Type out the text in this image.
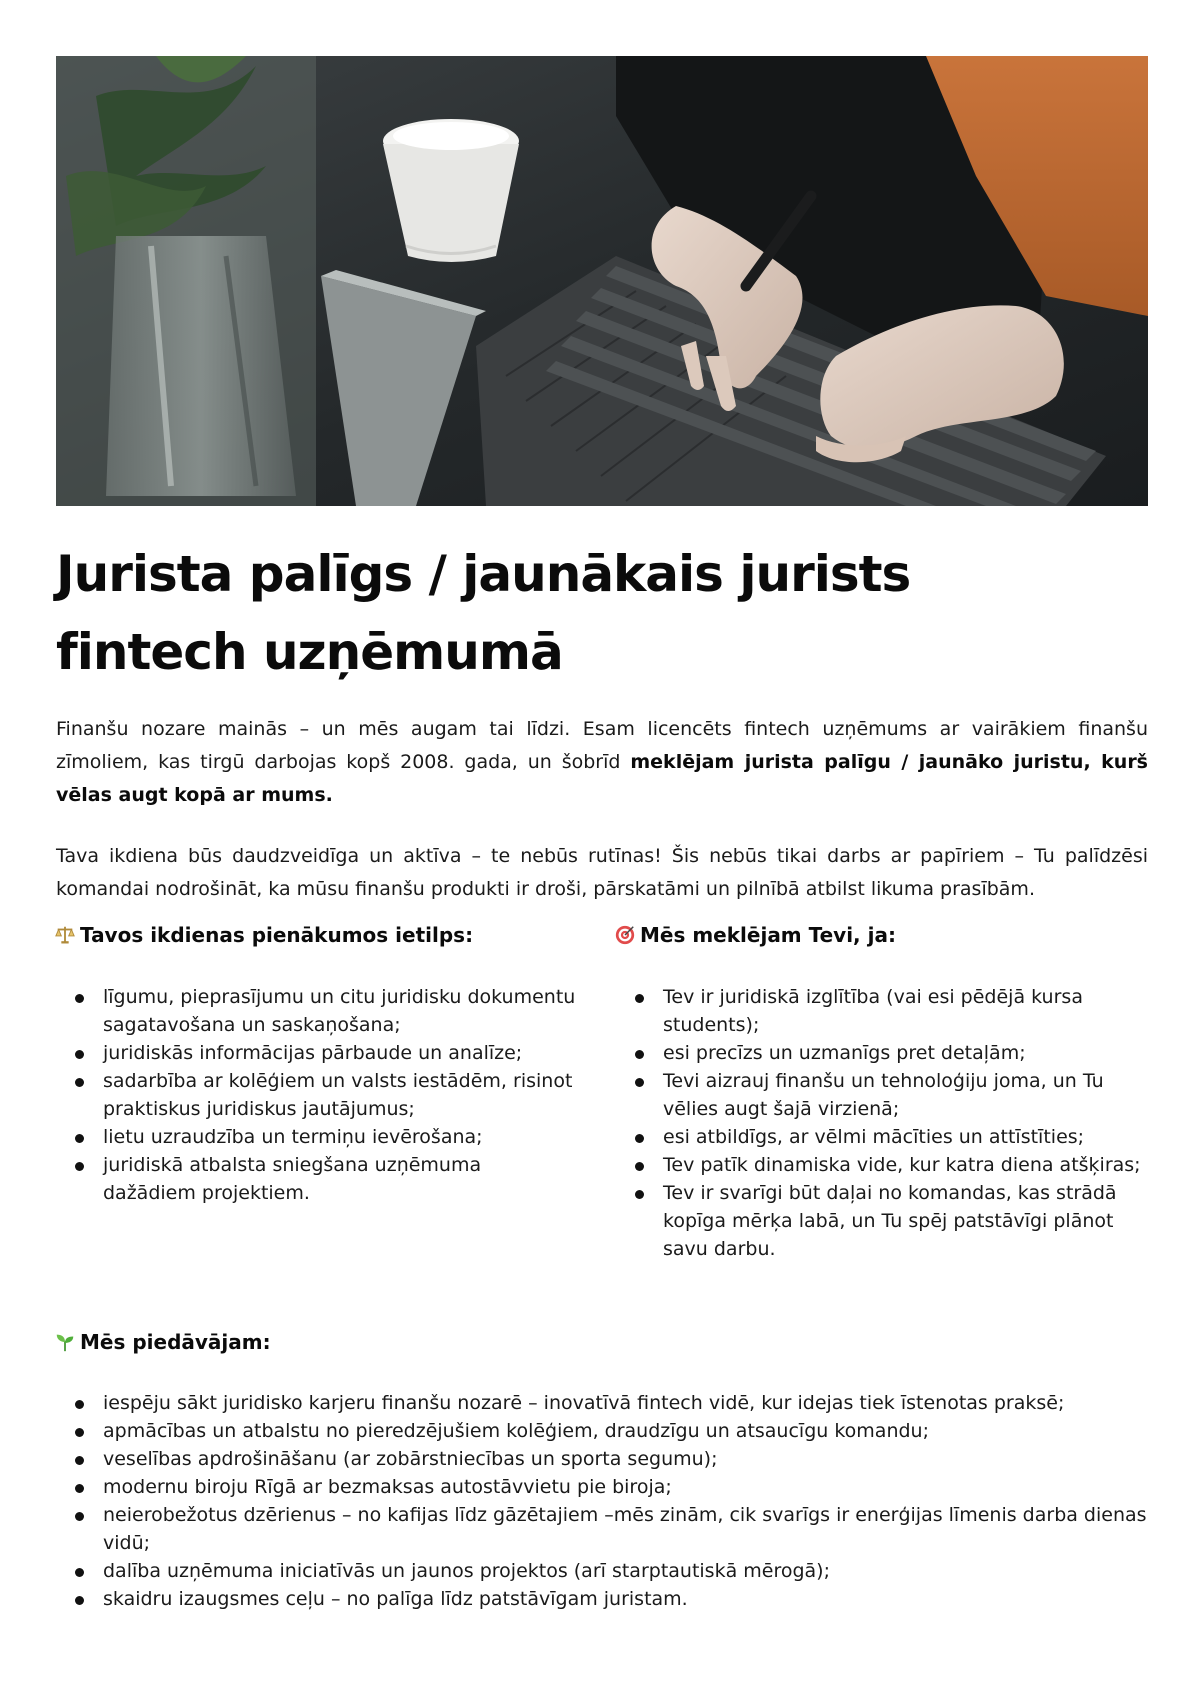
Jurista palīgs / jaunākais jurists
fintech uzņēmumā

Finanšu nozare mainās – un mēs augam tai līdzi. Esam licencēts fintech uzņēmums ar vairākiem finanšu zīmoliem, kas tirgū darbojas kopš 2008. gada, un šobrīd meklējam jurista palīgu / jaunāko juristu, kurš vēlas augt kopā ar mums.

Tava ikdiena būs daudzveidīga un aktīva – te nebūs rutīnas! Šis nebūs tikai darbs ar papīriem – Tu palīdzēsi komandai nodrošināt, ka mūsu finanšu produkti ir droši, pārskatāmi un pilnībā atbilst likuma prasībām.

Tavos ikdienas pienākumos ietilps:
līgumu, pieprasījumu un citu juridisku dokumentu sagatavošana un saskaņošana;
juridiskās informācijas pārbaude un analīze;
sadarbība ar kolēģiem un valsts iestādēm, risinot praktiskus juridiskus jautājumus;
lietu uzraudzība un termiņu ievērošana;
juridiskā atbalsta sniegšana uzņēmuma dažādiem projektiem.
Mēs meklējam Tevi, ja:
Tev ir juridiskā izglītība (vai esi pēdējā kursa students);
esi precīzs un uzmanīgs pret detaļām;
Tevi aizrauj finanšu un tehnoloģiju joma, un Tu vēlies augt šajā virzienā;
esi atbildīgs, ar vēlmi mācīties un attīstīties;
Tev patīk dinamiska vide, kur katra diena atšķiras;
Tev ir svarīgi būt daļai no komandas, kas strādā kopīga mērķa labā, un Tu spēj patstāvīgi plānot savu darbu.
Mēs piedāvājam:
iespēju sākt juridisko karjeru finanšu nozarē – inovatīvā fintech vidē, kur idejas tiek īstenotas praksē;
apmācības un atbalstu no pieredzējušiem kolēģiem, draudzīgu un atsaucīgu komandu;
veselības apdrošināšanu (ar zobārstniecības un sporta segumu);
modernu biroju Rīgā ar bezmaksas autostāvvietu pie biroja;
neierobežotus dzērienus – no kafijas līdz gāzētajiem –mēs zinām, cik svarīgs ir enerģijas līmenis darba dienas vidū;
dalība uzņēmuma iniciatīvās un jaunos projektos (arī starptautiskā mērogā);
skaidru izaugsmes ceļu – no palīga līdz patstāvīgam juristam.
